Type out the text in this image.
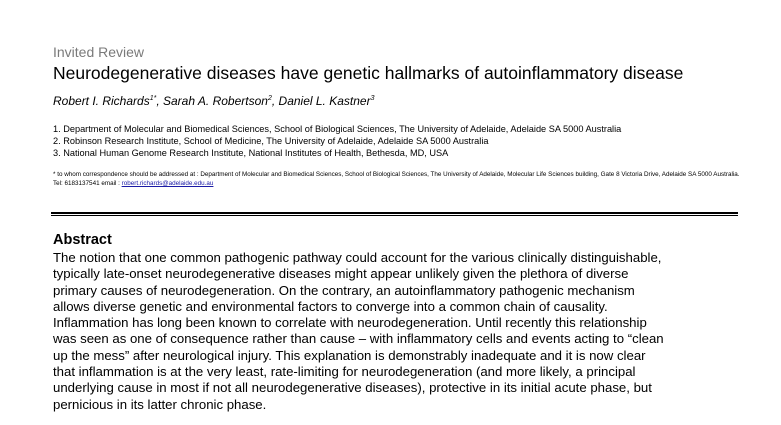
Invited Review
Neurodegenerative diseases have genetic hallmarks of autoinflammatory disease
Robert I. Richards$^{1*}$, Sarah A. Robertson$^2$, Daniel L. Kastner$^3$
1. Department of Molecular and Biomedical Sciences, School of Biological Sciences, The University of Adelaide, Adelaide SA 5000 Australia
2. Robinson Research Institute, School of Medicine, The University of Adelaide, Adelaide SA 5000 Australia
3. National Human Genome Research Institute, National Institutes of Health, Bethesda, MD, USA
* to whom correspondence should be addressed at : Department of Molecular and Biomedical Sciences, School of Biological Sciences, The University of Adelaide, Molecular Life Sciences building, Gate 8 Victoria Drive, Adelaide SA 5000 Australia. Tel: 6183137541 email : robert.richards@adelaide.edu.au
Abstract
The notion that one common pathogenic pathway could account for the various clinically distinguishable,
typically late-onset neurodegenerative diseases might appear unlikely given the plethora of diverse
primary causes of neurodegeneration. On the contrary, an autoinflammatory pathogenic mechanism
allows diverse genetic and environmental factors to converge into a common chain of causality.
Inflammation has long been known to correlate with neurodegeneration. Until recently this relationship
was seen as one of consequence rather than cause – with inflammatory cells and events acting to “clean
up the mess” after neurological injury. This explanation is demonstrably inadequate and it is now clear
that inflammation is at the very least, rate-limiting for neurodegeneration (and more likely, a principal
underlying cause in most if not all neurodegenerative diseases), protective in its initial acute phase, but
pernicious in its latter chronic phase.
